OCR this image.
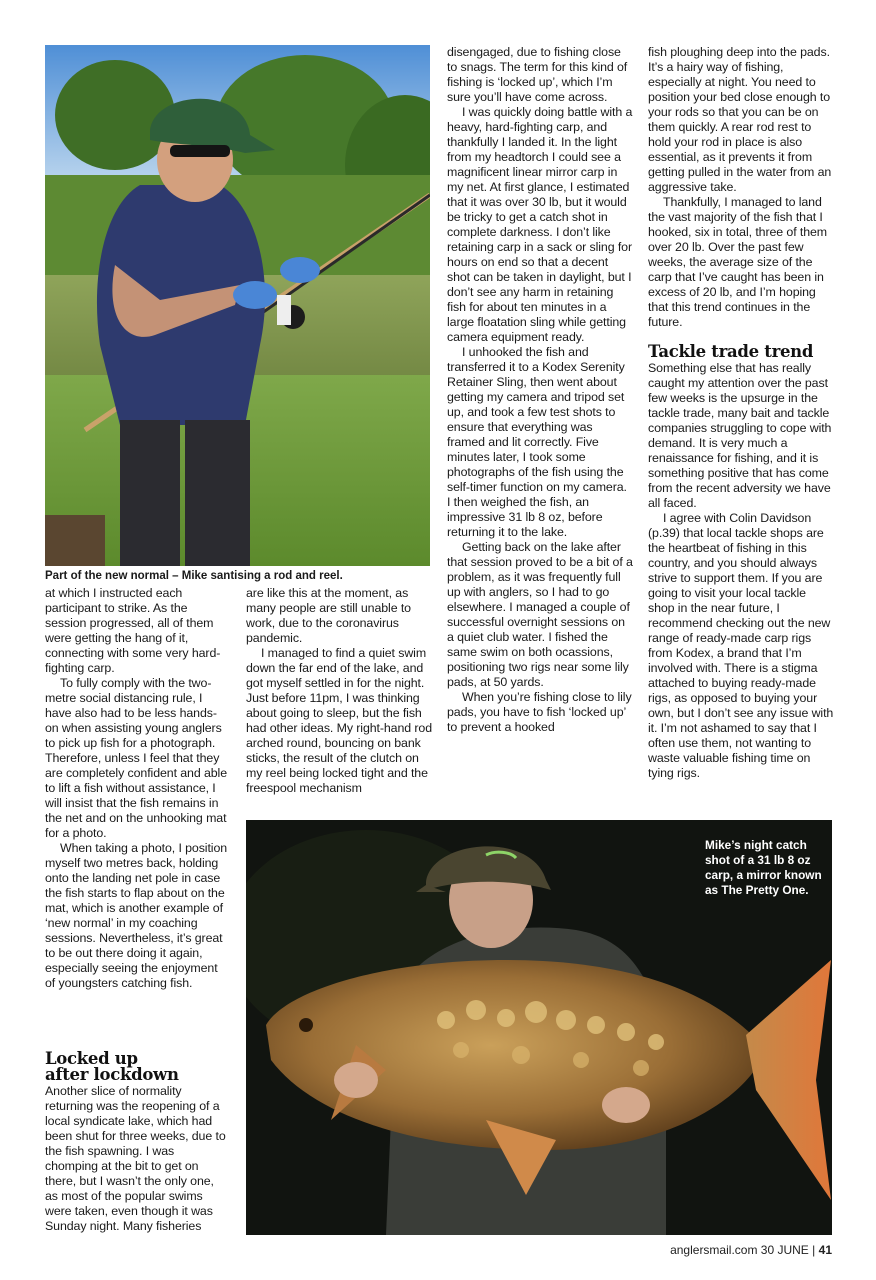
Part of the new normal – Mike santising a rod and reel.

at which I instructed each participant to strike. As the session progressed, all of them were getting the hang of it, connecting with some very hard-fighting carp.

To fully comply with the two-metre social distancing rule, I have also had to be less hands-on when assisting young anglers to pick up fish for a photograph. Therefore, unless I feel that they are completely confident and able to lift a fish without assistance, I will insist that the fish remains in the net and on the unhooking mat for a photo.

When taking a photo, I position myself two metres back, holding onto the landing net pole in case the fish starts to flap about on the mat, which is another example of ‘new normal’ in my coaching sessions. Nevertheless, it’s great to be out there doing it again, especially seeing the enjoyment of youngsters catching fish.

Locked up
after lockdown

Another slice of normality returning was the reopening of a local syndicate lake, which had been shut for three weeks, due to the fish spawning. I was chomping at the bit to get on there, but I wasn’t the only one, as most of the popular swims were taken, even though it was Sunday night. Many fisheries

are like this at the moment, as many people are still unable to work, due to the coronavirus pandemic.

I managed to find a quiet swim down the far end of the lake, and got myself settled in for the night. Just before 11pm, I was thinking about going to sleep, but the fish had other ideas. My right-hand rod arched round, bouncing on bank sticks, the result of the clutch on my reel being locked tight and the freespool mechanism

disengaged, due to fishing close to snags. The term for this kind of fishing is ‘locked up’, which I’m sure you’ll have come across.

I was quickly doing battle with a heavy, hard-fighting carp, and thankfully I landed it. In the light from my headtorch I could see a magnificent linear mirror carp in my net. At first glance, I estimated that it was over 30 lb, but it would be tricky to get a catch shot in complete darkness. I don’t like retaining carp in a sack or sling for hours on end so that a decent shot can be taken in daylight, but I don’t see any harm in retaining fish for about ten minutes in a large floatation sling while getting camera equipment ready.

I unhooked the fish and transferred it to a Kodex Serenity Retainer Sling, then went about getting my camera and tripod set up, and took a few test shots to ensure that everything was framed and lit correctly. Five minutes later, I took some photographs of the fish using the self-timer function on my camera. I then weighed the fish, an impressive 31 lb 8 oz, before returning it to the lake.

Getting back on the lake after that session proved to be a bit of a problem, as it was frequently full up with anglers, so I had to go elsewhere. I managed a couple of successful overnight sessions on a quiet club water. I fished the same swim on both ocassions, positioning two rigs near some lily pads, at 50 yards.

When you’re fishing close to lily pads, you have to fish ‘locked up’ to prevent a hooked

fish ploughing deep into the pads. It’s a hairy way of fishing, especially at night. You need to position your bed close enough to your rods so that you can be on them quickly. A rear rod rest to hold your rod in place is also essential, as it prevents it from getting pulled in the water from an aggressive take.

Thankfully, I managed to land the vast majority of the fish that I hooked, six in total, three of them over 20 lb. Over the past few weeks, the average size of the carp that I’ve caught has been in excess of 20 lb, and I’m hoping that this trend continues in the future.

Tackle trade trend

Something else that has really caught my attention over the past few weeks is the upsurge in the tackle trade, many bait and tackle companies struggling to cope with demand. It is very much a renaissance for fishing, and it is something positive that has come from the recent adversity we have all faced.

I agree with Colin Davidson (p.39) that local tackle shops are the heartbeat of fishing in this country, and you should always strive to support them. If you are going to visit your local tackle shop in the near future, I recommend checking out the new range of ready-made carp rigs from Kodex, a brand that I’m involved with. There is a stigma attached to buying ready-made rigs, as opposed to buying your own, but I don’t see any issue with it. I’m not ashamed to say that I often use them, not wanting to waste valuable fishing time on tying rigs.

Mike’s night catch
shot of a 31 lb 8 oz
carp, a mirror known
as The Pretty One.
anglersmail.com 30 JUNE | 41
